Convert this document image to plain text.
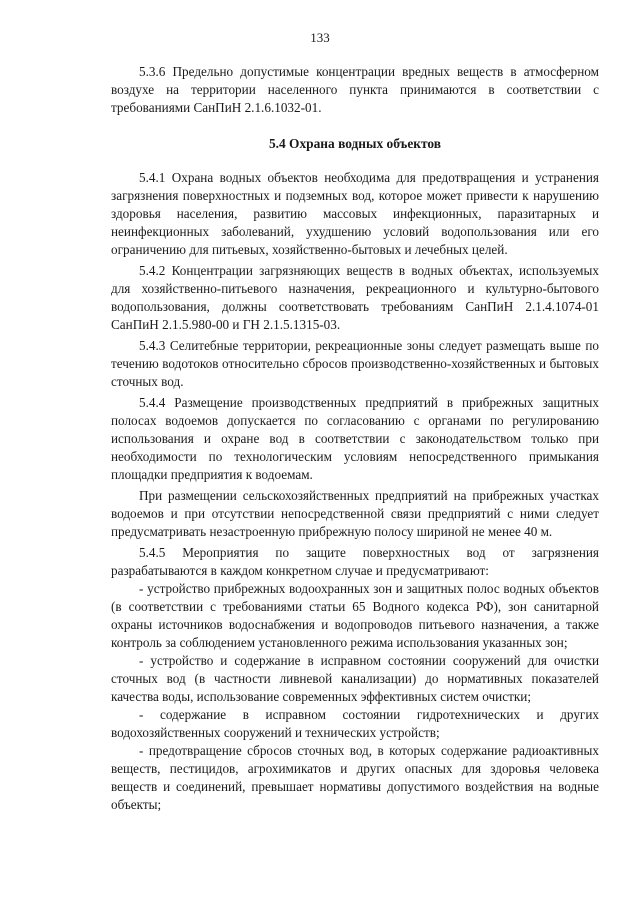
133

5.3.6 Предельно допустимые концентрации вредных веществ в атмосферном воздухе на территории населенного пункта принимаются в соответствии с требованиями СанПиН 2.1.6.1032-01.

5.4 Охрана водных объектов

5.4.1 Охрана водных объектов необходима для предотвращения и устранения загрязнения поверхностных и подземных вод, которое может привести к нарушению здоровья населения, развитию массовых инфекционных, паразитарных и неинфекционных заболеваний, ухудшению условий водопользования или его ограничению для питьевых, хозяйственно-бытовых и лечебных целей.

5.4.2 Концентрации загрязняющих веществ в водных объектах, используемых для хозяйственно-питьевого назначения, рекреационного и культурно-бытового водопользования, должны соответствовать требованиям СанПиН 2.1.4.1074-01 СанПиН 2.1.5.980-00 и ГН 2.1.5.1315-03.

5.4.3 Селитебные территории, рекреационные зоны следует размещать выше по течению водотоков относительно сбросов производственно-хозяйственных и бытовых сточных вод.

5.4.4 Размещение производственных предприятий в прибрежных защитных полосах водоемов допускается по согласованию с органами по регулированию использования и охране вод в соответствии с законодательством только при необходимости по технологическим условиям непосредственного примыкания площадки предприятия к водоемам.

При размещении сельскохозяйственных предприятий на прибрежных участках водоемов и при отсутствии непосредственной связи предприятий с ними следует предусматривать незастроенную прибрежную полосу шириной не менее 40 м.

5.4.5 Мероприятия по защите поверхностных вод от загрязнения разрабатываются в каждом конкретном случае и предусматривают:

- устройство прибрежных водоохранных зон и защитных полос водных объектов (в соответствии с требованиями статьи 65 Водного кодекса РФ), зон санитарной охраны источников водоснабжения и водопроводов питьевого назначения, а также контроль за соблюдением установленного режима использования указанных зон;

- устройство и содержание в исправном состоянии сооружений для очистки сточных вод (в частности ливневой канализации) до нормативных показателей качества воды, использование современных эффективных систем очистки;

- содержание в исправном состоянии гидротехнических и других водохозяйственных сооружений и технических устройств;

- предотвращение сбросов сточных вод, в которых содержание радиоактивных веществ, пестицидов, агрохимикатов и других опасных для здоровья человека веществ и соединений, превышает нормативы допустимого воздействия на водные объекты;
